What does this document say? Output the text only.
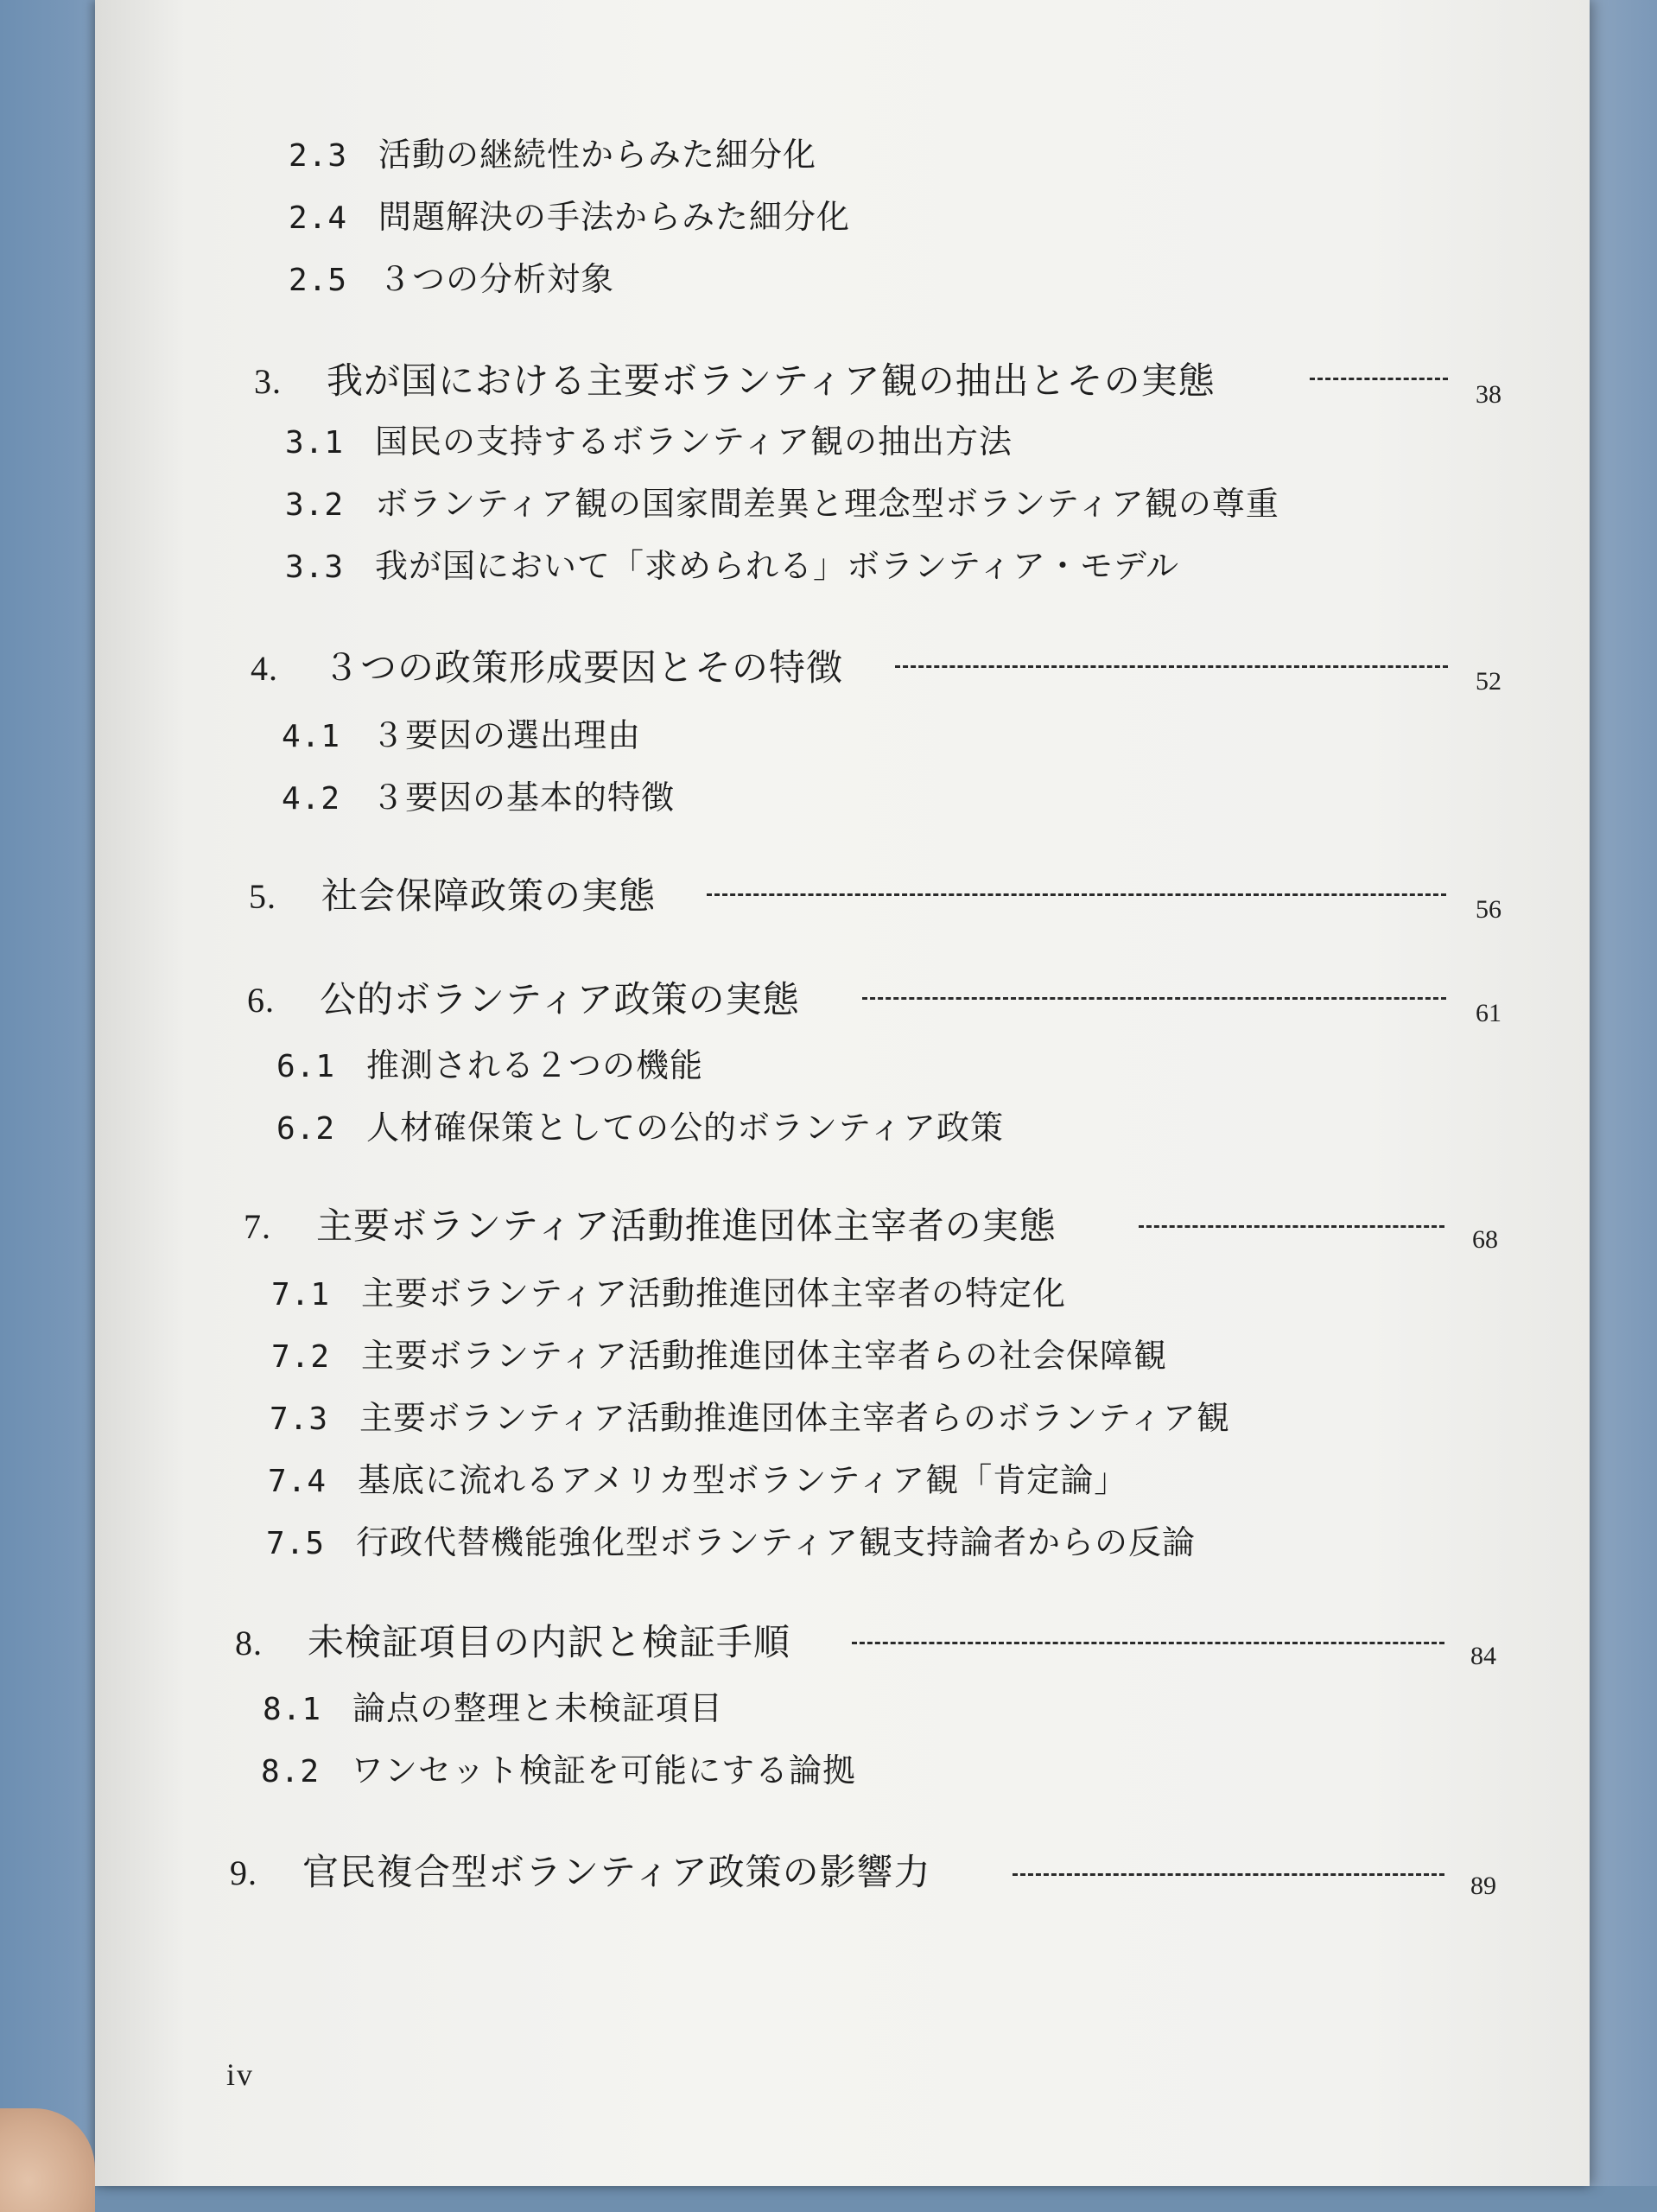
2.3 活動の継続性からみた細分化
2.4 問題解決の手法からみた細分化
2.5 ３つの分析対象
3. 我が国における主要ボランティア観の抽出とその実態	38
3.1 国民の支持するボランティア観の抽出方法
3.2 ボランティア観の国家間差異と理念型ボランティア観の尊重
3.3 我が国において「求められる」ボランティア・モデル
4. ３つの政策形成要因とその特徴	52
4.1 ３要因の選出理由
4.2 ３要因の基本的特徴
5. 社会保障政策の実態	56
6. 公的ボランティア政策の実態	61
6.1 推測される２つの機能
6.2 人材確保策としての公的ボランティア政策
7. 主要ボランティア活動推進団体主宰者の実態	68
7.1 主要ボランティア活動推進団体主宰者の特定化
7.2 主要ボランティア活動推進団体主宰者らの社会保障観
7.3 主要ボランティア活動推進団体主宰者らのボランティア観
7.4 基底に流れるアメリカ型ボランティア観「肯定論」
7.5 行政代替機能強化型ボランティア観支持論者からの反論
8. 未検証項目の内訳と検証手順	84
8.1 論点の整理と未検証項目
8.2 ワンセット検証を可能にする論拠
9. 官民複合型ボランティア政策の影響力	89
iv
